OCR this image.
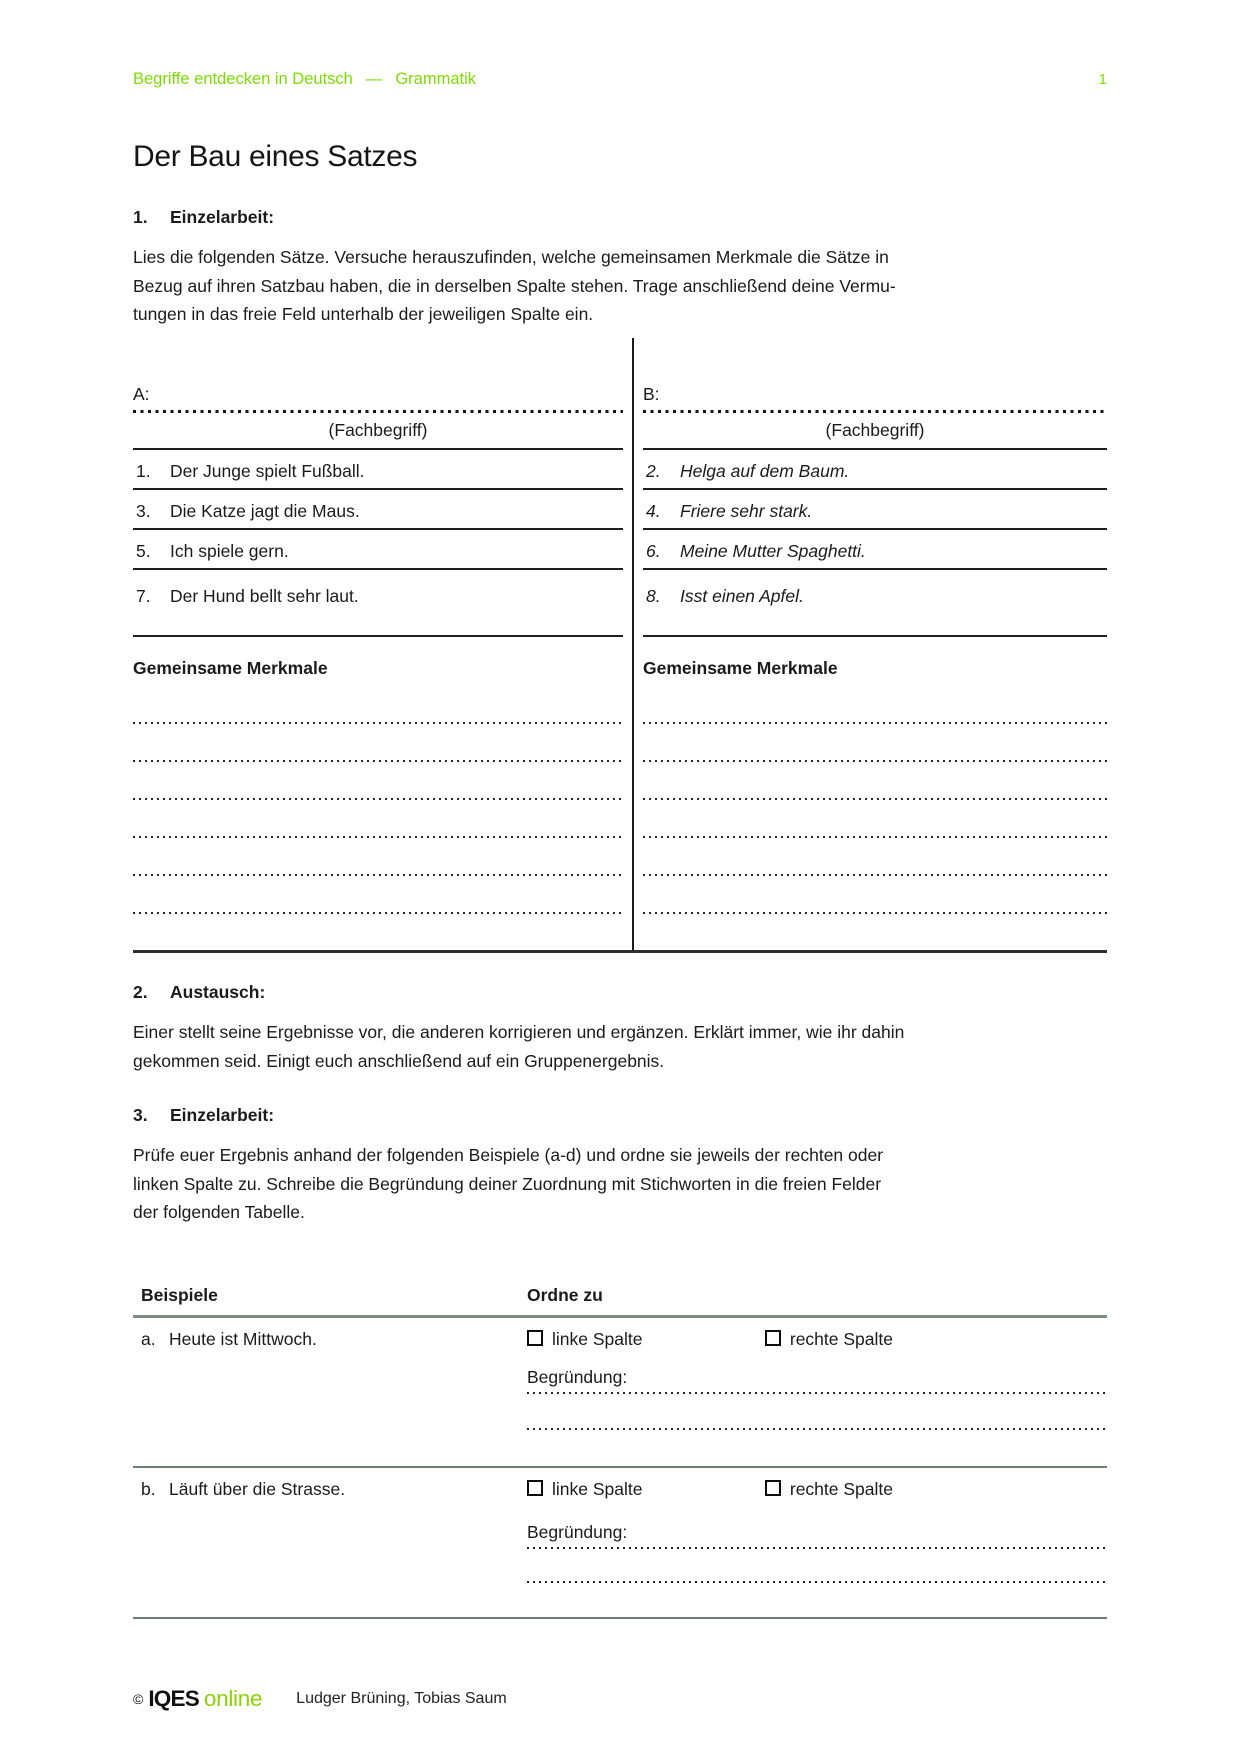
Begriffe entdecken in Deutsch — Grammatik	1
Der Bau eines Satzes
1. Einzelarbeit:
Lies die folgenden Sätze. Versuche herauszufinden, welche gemeinsamen Merkmale die Sätze in
Bezug auf ihren Satzbau haben, die in derselben Spalte stehen. Trage anschließend deine Vermu-
tungen in das freie Feld unterhalb der jeweiligen Spalte ein.
A:
(Fachbegriff)
1. Der Junge spielt Fußball.
3. Die Katze jagt die Maus.
5. Ich spiele gern.
7. Der Hund bellt sehr laut.
Gemeinsame Merkmale
B:
(Fachbegriff)
2. Helga auf dem Baum.
4. Friere sehr stark.
6. Meine Mutter Spaghetti.
8. Isst einen Apfel.
Gemeinsame Merkmale
2. Austausch:
Einer stellt seine Ergebnisse vor, die anderen korrigieren und ergänzen. Erklärt immer, wie ihr dahin
gekommen seid. Einigt euch anschließend auf ein Gruppenergebnis.
3. Einzelarbeit:
Prüfe euer Ergebnis anhand der folgenden Beispiele (a-d) und ordne sie jeweils der rechten oder
linken Spalte zu. Schreibe die Begründung deiner Zuordnung mit Stichworten in die freien Felder
der folgenden Tabelle.
Beispiele	Ordne zu
a. Heute ist Mittwoch.	linke Spalte	rechte Spalte
Begründung:
b. Läuft über die Strasse.	linke Spalte	rechte Spalte
Begründung:
© IQES online Ludger Brüning, Tobias Saum
